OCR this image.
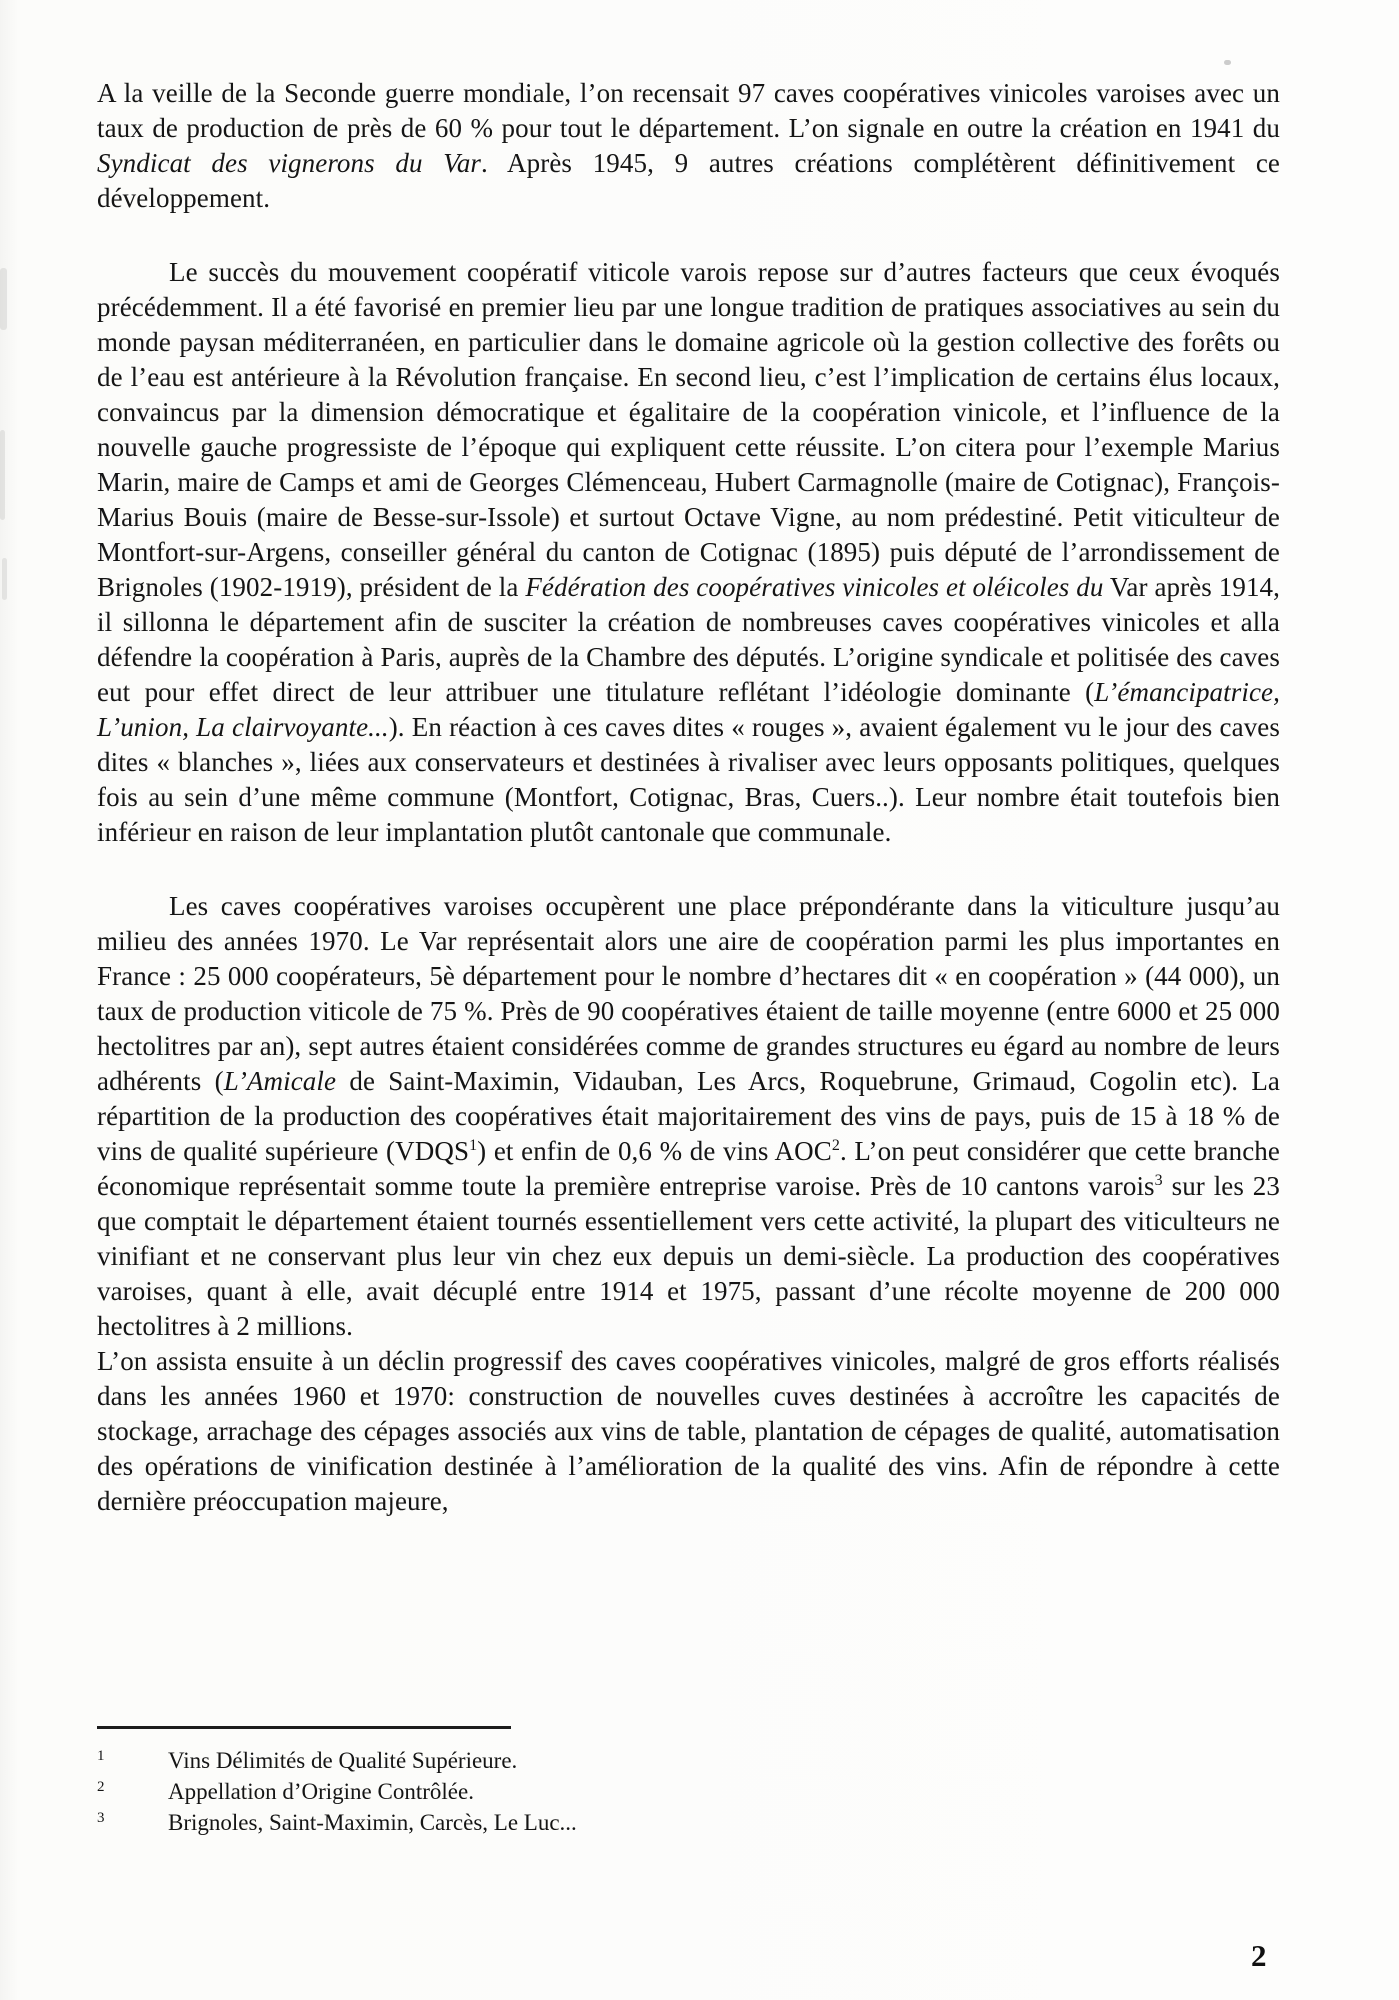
A la veille de la Seconde guerre mondiale, l’on recensait 97 caves coopératives vinicoles varoises avec un taux de production de près de 60 % pour tout le département. L’on signale en outre la création en 1941 du Syndicat des vignerons du Var. Après 1945, 9 autres créations complétèrent définitivement ce développement.

Le succès du mouvement coopératif viticole varois repose sur d’autres facteurs que ceux évoqués précédemment. Il a été favorisé en premier lieu par une longue tradition de pratiques associatives au sein du monde paysan méditerranéen, en particulier dans le domaine agricole où la gestion collective des forêts ou de l’eau est antérieure à la Révolution française. En second lieu, c’est l’implication de certains élus locaux, convaincus par la dimension démocratique et égalitaire de la coopération vinicole, et l’influence de la nouvelle gauche progressiste de l’époque qui expliquent cette réussite. L’on citera pour l’exemple Marius Marin, maire de Camps et ami de Georges Clémenceau, Hubert Carmagnolle (maire de Cotignac), François-Marius Bouis (maire de Besse-sur-Issole) et surtout Octave Vigne, au nom prédestiné. Petit viticulteur de Montfort-sur-Argens, conseiller général du canton de Cotignac (1895) puis député de l’arrondissement de Brignoles (1902-1919), président de la Fédération des coopératives vinicoles et oléicoles du Var après 1914, il sillonna le département afin de susciter la création de nombreuses caves coopératives vinicoles et alla défendre la coopération à Paris, auprès de la Chambre des députés. L’origine syndicale et politisée des caves eut pour effet direct de leur attribuer une titulature reflétant l’idéologie dominante (L’émancipatrice, L’union, La clairvoyante...). En réaction à ces caves dites « rouges », avaient également vu le jour des caves dites « blanches », liées aux conservateurs et destinées à rivaliser avec leurs opposants politiques, quelques fois au sein d’une même commune (Montfort, Cotignac, Bras, Cuers..). Leur nombre était toutefois bien inférieur en raison de leur implantation plutôt cantonale que communale.

Les caves coopératives varoises occupèrent une place prépondérante dans la viticulture jusqu’au milieu des années 1970. Le Var représentait alors une aire de coopération parmi les plus importantes en France : 25 000 coopérateurs, 5è département pour le nombre d’hectares dit « en coopération » (44 000), un taux de production viticole de 75 %. Près de 90 coopératives étaient de taille moyenne (entre 6000 et 25 000 hectolitres par an), sept autres étaient considérées comme de grandes structures eu égard au nombre de leurs adhérents (L’Amicale de Saint-Maximin, Vidauban, Les Arcs, Roquebrune, Grimaud, Cogolin etc). La répartition de la production des coopératives était majoritairement des vins de pays, puis de 15 à 18 % de vins de qualité supérieure (VDQS$^1$) et enfin de 0,6 % de vins AOC$^2$. L’on peut considérer que cette branche économique représentait somme toute la première entreprise varoise. Près de 10 cantons varois$^3$ sur les 23 que comptait le département étaient tournés essentiellement vers cette activité, la plupart des viticulteurs ne vinifiant et ne conservant plus leur vin chez eux depuis un demi-siècle. La production des coopératives varoises, quant à elle, avait décuplé entre 1914 et 1975, passant d’une récolte moyenne de 200 000 hectolitres à 2 millions.

L’on assista ensuite à un déclin progressif des caves coopératives vinicoles, malgré de gros efforts réalisés dans les années 1960 et 1970: construction de nouvelles cuves destinées à accroître les capacités de stockage, arrachage des cépages associés aux vins de table, plantation de cépages de qualité, automatisation des opérations de vinification destinée à l’amélioration de la qualité des vins. Afin de répondre à cette dernière préoccupation majeure,

1	Vins Délimités de Qualité Supérieure.
2	Appellation d’Origine Contrôlée.
3	Brignoles, Saint-Maximin, Carcès, Le Luc...
2
